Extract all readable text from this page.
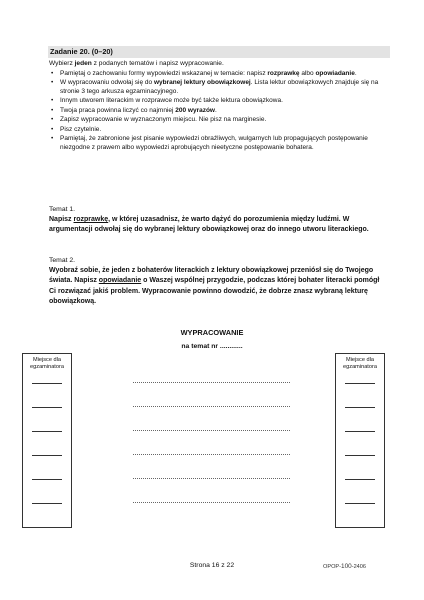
Zadanie 20. (0–20)
Wybierz jeden z podanych tematów i napisz wypracowanie.
• Pamiętaj o zachowaniu formy wypowiedzi wskazanej w temacie: napisz rozprawkę albo opowiadanie.
• W wypracowaniu odwołaj się do wybranej lektury obowiązkowej. Lista lektur obowiązkowych znajduje się na stronie 3 tego arkusza egzaminacyjnego.
• Innym utworem literackim w rozprawce może być także lektura obowiązkowa.
• Twoja praca powinna liczyć co najmniej 200 wyrazów.
• Zapisz wypracowanie w wyznaczonym miejscu. Nie pisz na marginesie.
• Pisz czytelnie.
• Pamiętaj, że zabronione jest pisanie wypowiedzi obraźliwych, wulgarnych lub propagujących postępowanie niezgodne z prawem albo wypowiedzi aprobujących nieetyczne postępowanie bohatera.
Temat 1.
Napisz rozprawkę, w której uzasadnisz, że warto dążyć do porozumienia między ludźmi. W argumentacji odwołaj się do wybranej lektury obowiązkowej oraz do innego utworu literackiego.
Temat 2.
Wyobraź sobie, że jeden z bohaterów literackich z lektury obowiązkowej przeniósł się do Twojego świata. Napisz opowiadanie o Waszej wspólnej przygodzie, podczas której bohater literacki pomógł Ci rozwiązać jakiś problem. Wypracowanie powinno dowodzić, że dobrze znasz wybraną lekturę obowiązkową.
WYPRACOWANIE
na temat nr ............
Miejsce dla
egzaminatora
Miejsce dla
egzaminatora
Strona 16 z 22	OPOP-100-2406
